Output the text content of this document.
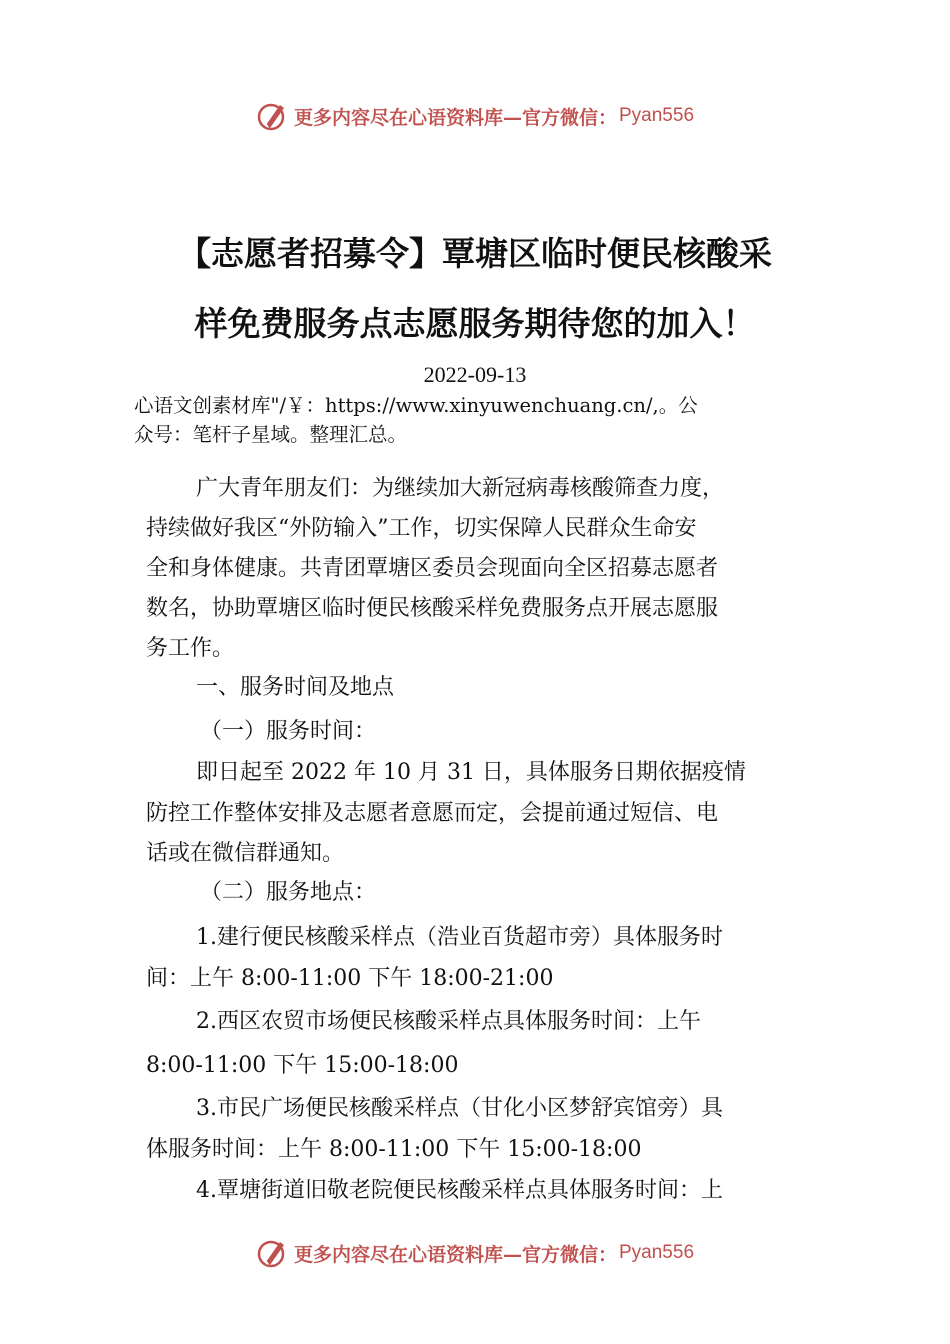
更多内容尽在心语资料库—官方微信： Pyan556
【志愿者招募令】覃塘区临时便民核酸采
样免费服务点志愿服务期待您的加入！
2022-09-13
心语文创素材库"/￥：https://www.xinyuwenchuang.cn/,。公
众号：笔杆子星域。整理汇总。
广大青年朋友们：为继续加大新冠病毒核酸筛查力度，
持续做好我区“外防输入”工作，切实保障人民群众生命安
全和身体健康。共青团覃塘区委员会现面向全区招募志愿者
数名，协助覃塘区临时便民核酸采样免费服务点开展志愿服
务工作。
一、服务时间及地点
（一）服务时间：
即日起至 2022 年 10 月 31 日，具体服务日期依据疫情
防控工作整体安排及志愿者意愿而定，会提前通过短信、电
话或在微信群通知。
（二）服务地点：
1.建行便民核酸采样点（浩业百货超市旁）具体服务时
间：上午 8:00-11:00 下午 18:00-21:00
2.西区农贸市场便民核酸采样点具体服务时间：上午
8:00-11:00 下午 15:00-18:00
3.市民广场便民核酸采样点（甘化小区梦舒宾馆旁）具
体服务时间：上午 8:00-11:00 下午 15:00-18:00
4.覃塘街道旧敬老院便民核酸采样点具体服务时间：上
更多内容尽在心语资料库—官方微信： Pyan556
